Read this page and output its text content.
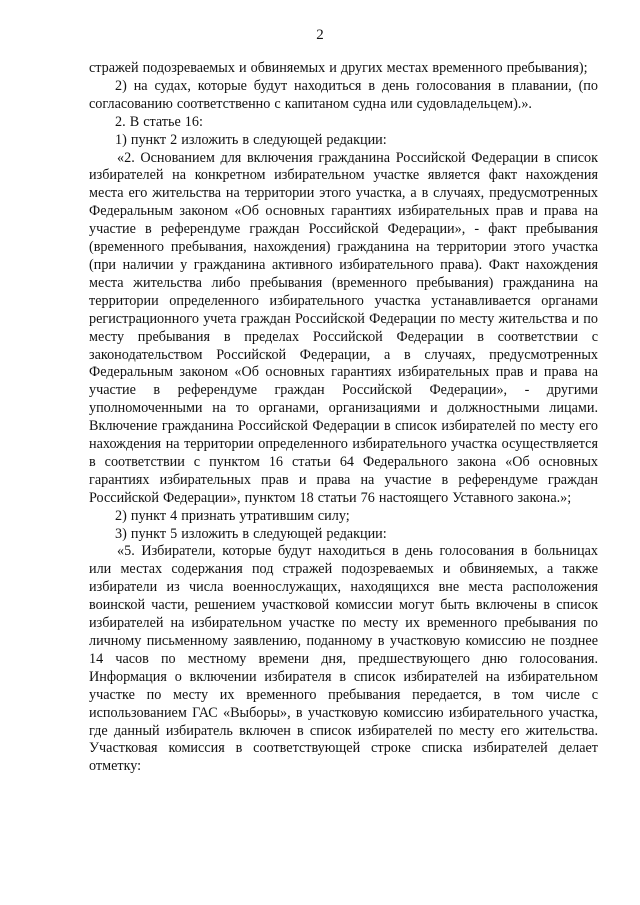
2

стражей подозреваемых и обвиняемых и других местах временного пребывания);

2) на судах, которые будут находиться в день голосования в плавании, (по согласованию соответственно с капитаном судна или судовладельцем).».

2. В статье 16:

1) пункт 2 изложить в следующей редакции:

«2. Основанием для включения гражданина Российской Федерации в список избирателей на конкретном избирательном участке является факт нахождения места его жительства на территории этого участка, а в случаях, предусмотренных Федеральным законом «Об основных гарантиях избирательных прав и права на участие в референдуме граждан Российской Федерации», - факт пребывания (временного пребывания, нахождения) гражданина на территории этого участка (при наличии у гражданина активного избирательного права). Факт нахождения места жительства либо пребывания (временного пребывания) гражданина на территории определенного избирательного участка устанавливается органами регистрационного учета граждан Российской Федерации по месту жительства и по месту пребывания в пределах Российской Федерации в соответствии с законодательством Российской Федерации, а в случаях, предусмотренных Федеральным законом «Об основных гарантиях избирательных прав и права на участие в референдуме граждан Российской Федерации», - другими уполномоченными на то органами, организациями и должностными лицами. Включение гражданина Российской Федерации в список избирателей по месту его нахождения на территории определенного избирательного участка осуществляется в соответствии с пунктом 16 статьи 64 Федерального закона «Об основных гарантиях избирательных прав и права на участие в референдуме граждан Российской Федерации», пунктом 18 статьи 76 настоящего Уставного закона.»;

2) пункт 4 признать утратившим силу;

3) пункт 5 изложить в следующей редакции:

«5. Избиратели, которые будут находиться в день голосования в больницах или местах содержания под стражей подозреваемых и обвиняемых, а также избиратели из числа военнослужащих, находящихся вне места расположения воинской части, решением участковой комиссии могут быть включены в список избирателей на избирательном участке по месту их временного пребывания по личному письменному заявлению, поданному в участковую комиссию не позднее 14 часов по местному времени дня, предшествующего дню голосования. Информация о включении избирателя в список избирателей на избирательном участке по месту их временного пребывания передается, в том числе с использованием ГАС «Выборы», в участковую комиссию избирательного участка, где данный избиратель включен в список избирателей по месту его жительства. Участковая комиссия в соответствующей строке списка избирателей делает отметку:
